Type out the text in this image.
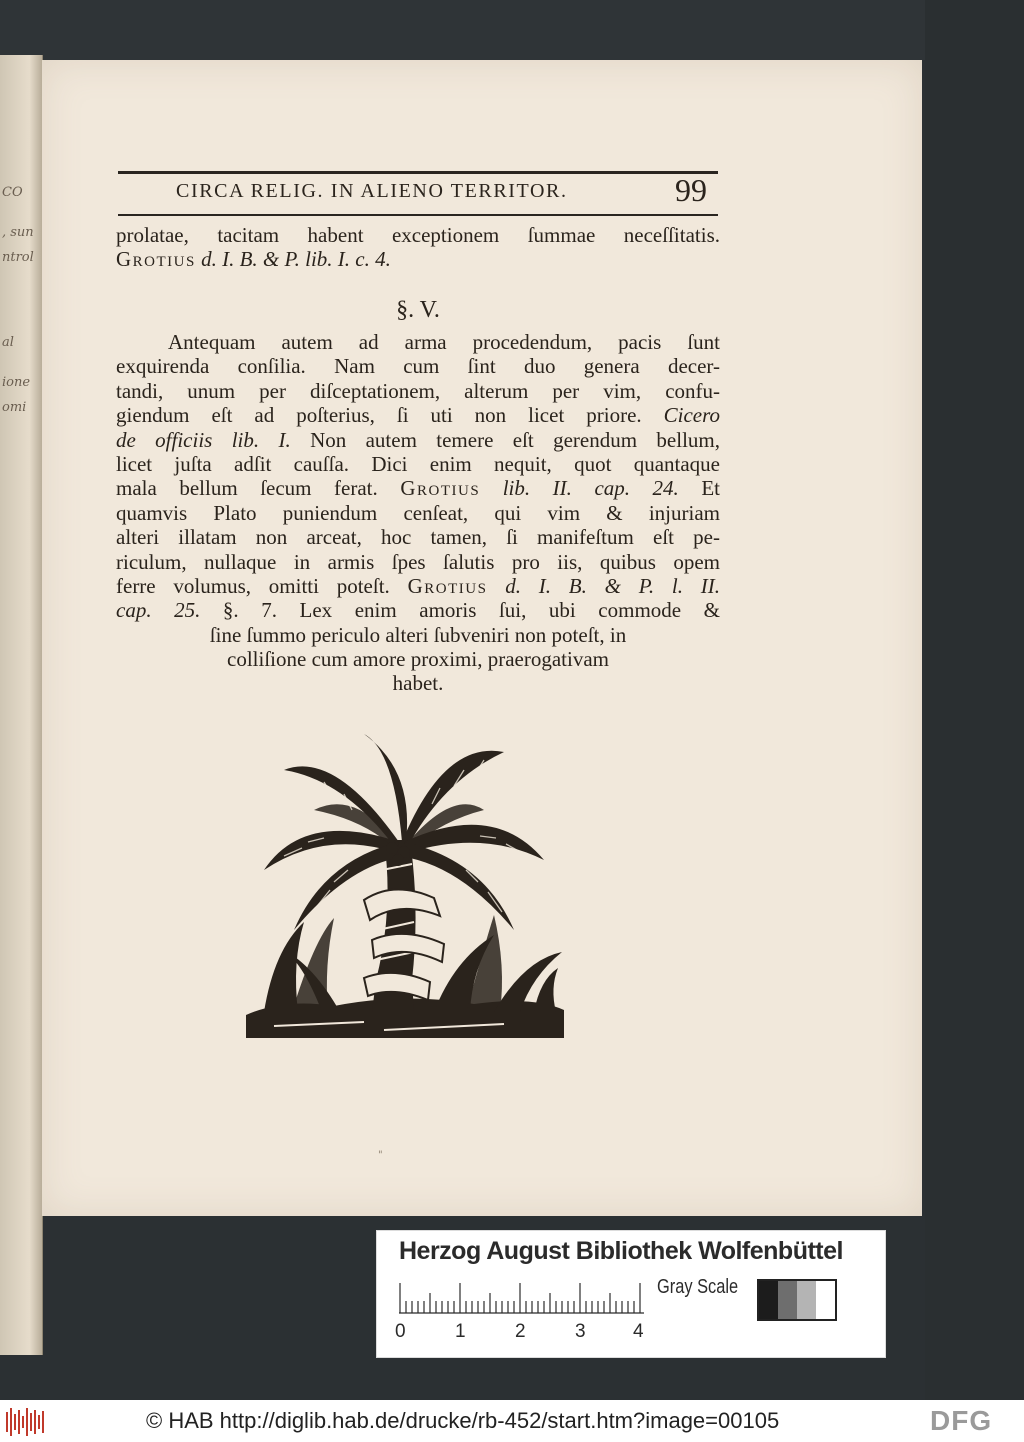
CO
, sun
ntrol
al
ione
omi
CIRCA RELIG. IN ALIENO TERRITOR.	99
prolatae, tacitam habent exceptionem ſummae neceſſitatis.
Grotius d. I. B. & P. lib. I. c. 4.
§. V.
Antequam autem ad arma procedendum, pacis ſunt
exquirenda conſilia. Nam cum ſint duo genera decer-
tandi, unum per diſceptationem, alterum per vim, confu-
giendum eſt ad poſterius, ſi uti non licet priore. Cicero
de officiis lib. I. Non autem temere eſt gerendum bellum,
licet juſta adſit cauſſa. Dici enim nequit, quot quantaque
mala bellum ſecum ferat. Grotius lib. II. cap. 24. Et
quamvis Plato puniendum cenſeat, qui vim & injuriam
alteri illatam non arceat, hoc tamen, ſi manifeſtum eſt pe-
riculum, nullaque in armis ſpes ſalutis pro iis, quibus opem
ferre volumus, omitti poteſt. Grotius d. I. B. & P. l. II.
cap. 25. §. 7. Lex enim amoris ſui, ubi commode &
ſine ſummo periculo alteri ſubveniri non poteſt, in
colliſione cum amore proximi, praerogativam
habet.
"
Herzog August Bibliothek Wolfenbüttel
0	1	2	3 4
Gray Scale
© HAB http://diglib.hab.de/drucke/rb-452/start.htm?image=00105	DFG
